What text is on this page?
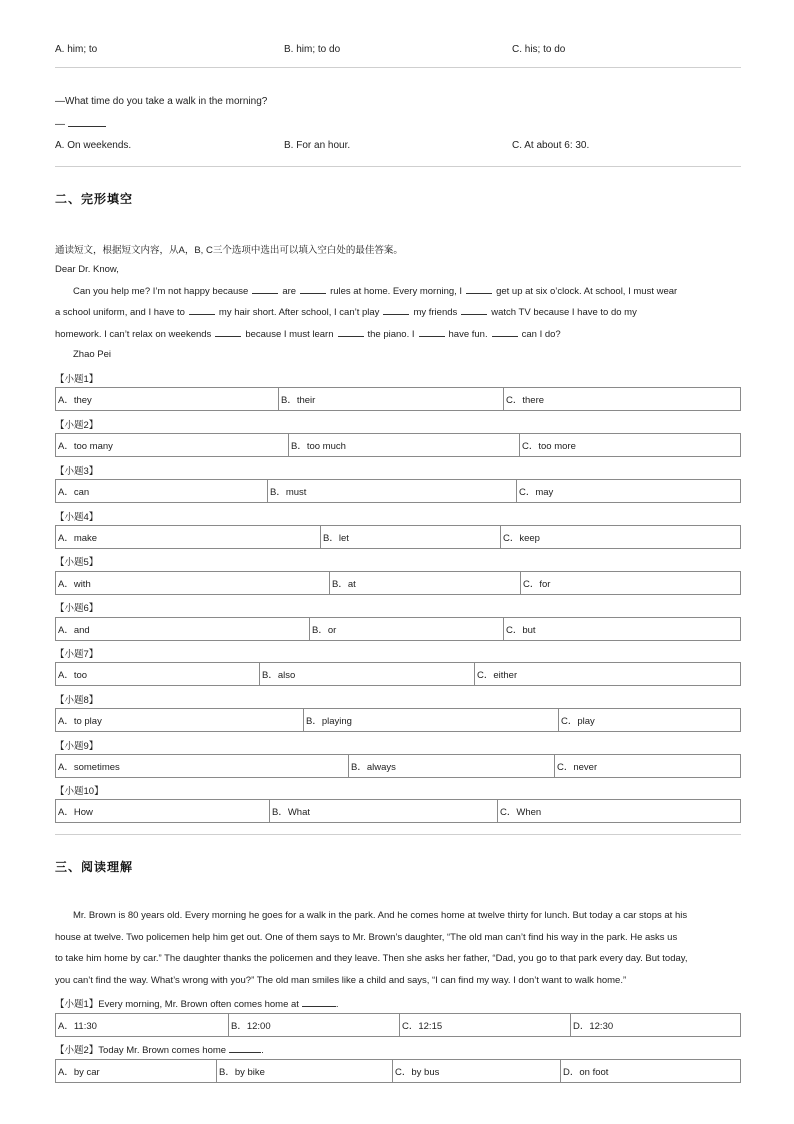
A. him; to	B. him; to do	C. his; to do
—What time do you take a walk in the morning?
—
A. On weekends.	B. For an hour.	C. At about 6: 30.
二、完形填空
通读短文，根据短文内容，从A，B, C三个选项中选出可以填入空白处的最佳答案。
Dear Dr. Know,
Can you help me? I’m not happy because	are	rules at home. Every morning, I	get up at six o’clock. At school, I must wear
a school uniform, and I have to	my hair short. After school, I can’t play	my friends	watch TV because I have to do my
homework. I can’t relax on weekends	because I must learn	the piano. I	have fun.	can I do?
Zhao Pei
【小题1】
A．they	B．their	C．there
【小题2】
A．too many	B．too much	C．too more
【小题3】
A．can	B．must	C．may
【小题4】
A．make	B．let	C．keep
【小题5】
A．with	B．at	C．for
【小题6】
A．and	B．or	C．but
【小题7】
A．too	B．also	C．either
【小题8】
A．to play	B．playing	C．play
【小题9】
A．sometimes	B．always	C．never
【小题10】
A．How	B．What	C．When
三、阅读理解
Mr. Brown is 80 years old. Every morning he goes for a walk in the park. And he comes home at twelve thirty for lunch. But today a car stops at his
house at twelve. Two policemen help him get out. One of them says to Mr. Brown’s daughter, “The old man can’t find his way in the park. He asks us
to take him home by car.” The daughter thanks the policemen and they leave. Then she asks her father, “Dad, you go to that park every day. But today,
you can’t find the way. What’s wrong with you?” The old man smiles like a child and says, “I can find my way. I don’t want to walk home.”
【小题1】Every morning, Mr. Brown often comes home at	.
A．11:30	B．12:00	C．12:15	D．12:30
【小题2】Today Mr. Brown comes home	.
A．by car	B．by bike	C．by bus	D．on foot
